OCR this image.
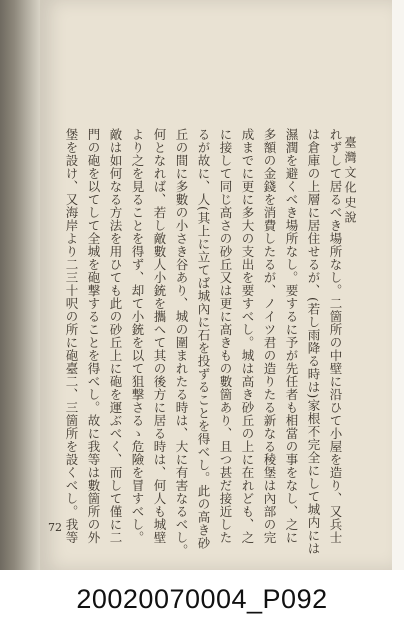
臺灣文化史說
れずして居るべき場所なし。二箇所の中壁に沿ひて小屋を造り、又兵士
は倉庫の上層に居住せるが、(若し雨降る時は)家根不完全にして城内には
濕潤を避くべき場所なし。要するに予が先任者も相當の事をなし、之に
多額の金錢を消費したるが、ノイツ君の造りたる新なる稜堡は內部の完
成までに更に多大の支出を要すべし。城は高き砂丘の上に在れども、之
に接して同じ高さの砂丘又は更に高きもの數箇あり、且つ甚だ接近した
るが故に、人(其上に立てば城內に石を投ずることを得べし。此の高き砂
丘の間に多數の小さき谷あり、城の圍まれたる時は、大に有害なるべし。
何となれば、若し敵數人小銃を攜へて其の後方に居る時は、何人も城壁
より之を見ることを得ず、却て小銃を以て狙撃さるゝ危險を冒すべし。
敵は如何なる方法を用ひても此の砂丘上に砲を運ぶべく、而して僅に二
門の砲を以てして全城を砲撃することを得べし。故に我等は數箇所の外
堡を設け、又海岸より二三十呎の所に砲臺二、三箇所を設くべし。我等
72
20020070004_P092
